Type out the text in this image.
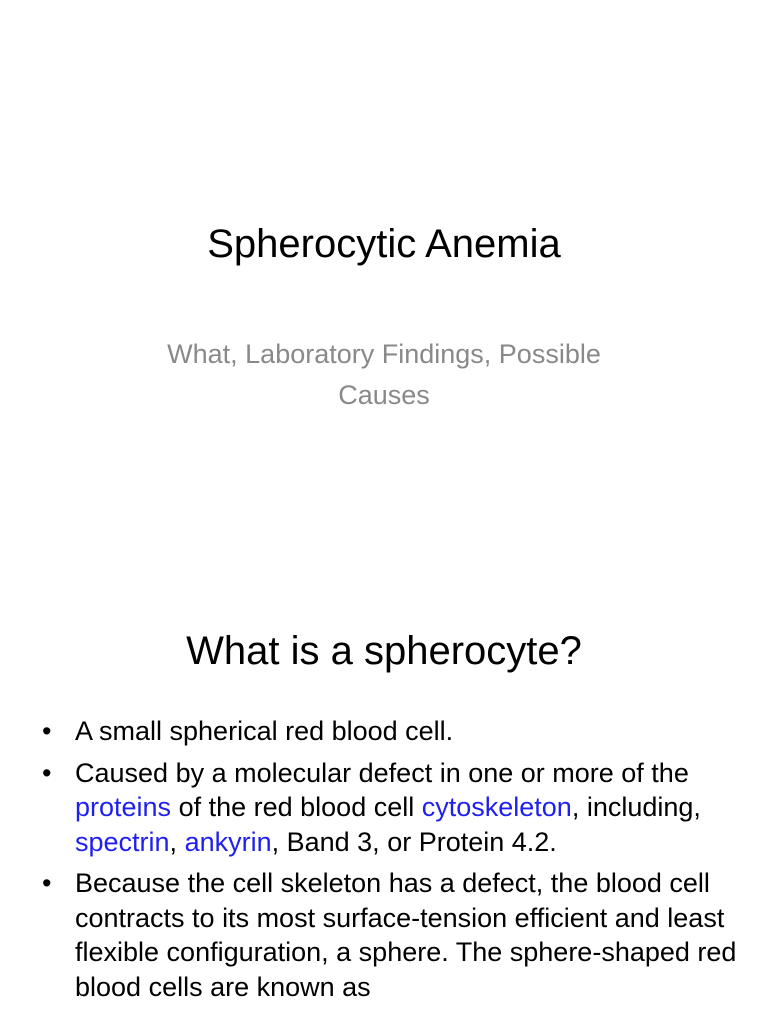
Spherocytic Anemia
What, Laboratory Findings, Possible Causes
What is a spherocyte?
• A small spherical red blood cell.
• Caused by a molecular defect in one or more of the proteins of the red blood cell cytoskeleton, including, spectrin, ankyrin, Band 3, or Protein 4.2.
• Because the cell skeleton has a defect, the blood cell contracts to its most surface-tension efficient and least flexible configuration, a sphere. The sphere-shaped red blood cells are known as
